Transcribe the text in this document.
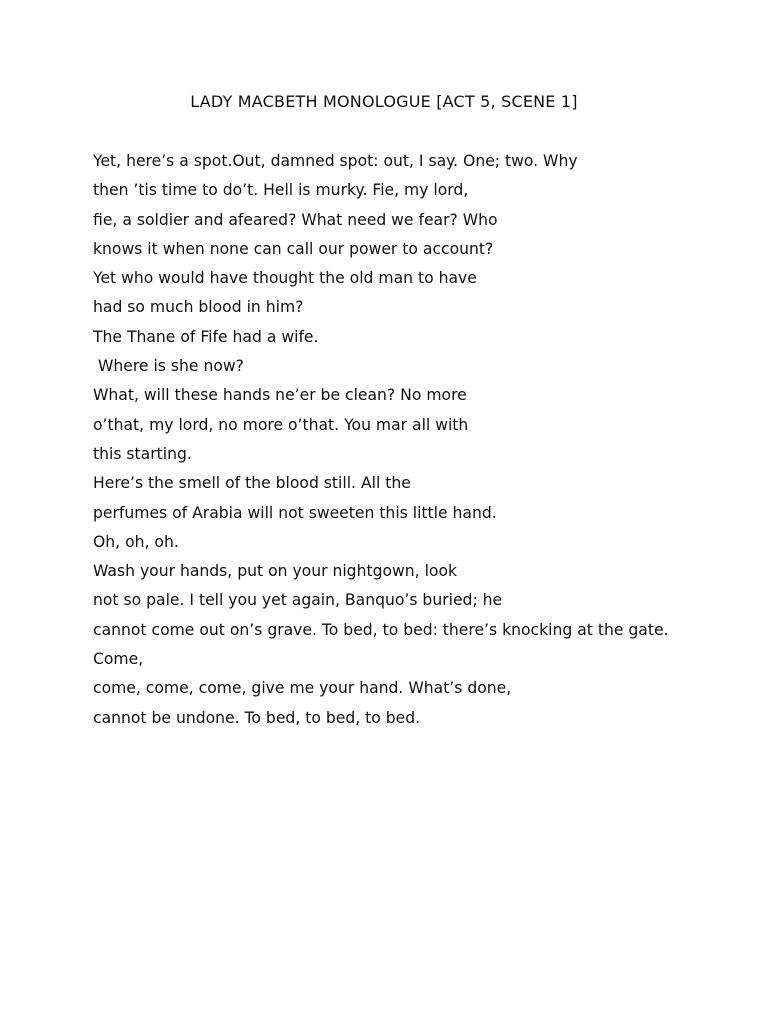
LADY MACBETH MONOLOGUE [ACT 5, SCENE 1]
Yet, here’s a spot.Out, damned spot: out, I say. One; two. Why
then ’tis time to do’t. Hell is murky. Fie, my lord,
fie, a soldier and afeared? What need we fear? Who
knows it when none can call our power to account?
Yet who would have thought the old man to have
had so much blood in him?
The Thane of Fife had a wife.
Where is she now?
What, will these hands ne’er be clean? No more
o’that, my lord, no more o’that. You mar all with
this starting.
Here’s the smell of the blood still. All the
perfumes of Arabia will not sweeten this little hand.
Oh, oh, oh.
Wash your hands, put on your nightgown, look
not so pale. I tell you yet again, Banquo’s buried; he
cannot come out on’s grave. To bed, to bed: there’s knocking at the gate.
Come,
come, come, come, give me your hand. What’s done,
cannot be undone. To bed, to bed, to bed.
